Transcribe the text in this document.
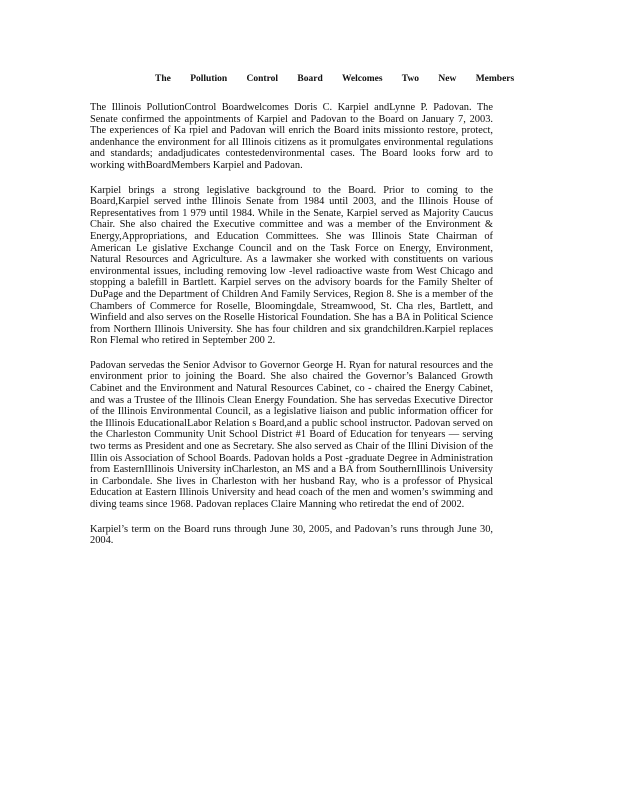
The Pollution Control Board Welcomes Two New Members

The Illinois PollutionControl Boardwelcomes Doris C. Karpiel andLynne P. Padovan. The Senate confirmed the appointments of Karpiel and Padovan to the Board on January 7, 2003. The experiences of Ka rpiel and Padovan will enrich the Board inits missionto restore, protect, andenhance the environment for all Illinois citizens as it promulgates environmental regulations and standards; andadjudicates contestedenvironmental cases. The Board looks forw ard to working withBoardMembers Karpiel and Padovan.

Karpiel brings a strong legislative background to the Board. Prior to coming to the Board,Karpiel served inthe Illinois Senate from 1984 until 2003, and the Illinois House of Representatives from 1 979 until 1984. While in the Senate, Karpiel served as Majority Caucus Chair. She also chaired the Executive committee and was a member of the Environment & Energy,Appropriations, and Education Committees. She was Illinois State Chairman of American Le gislative Exchange Council and on the Task Force on Energy, Environment, Natural Resources and Agriculture. As a lawmaker she worked with constituents on various environmental issues, including removing low -level radioactive waste from West Chicago and stopping a balefill in Bartlett. Karpiel serves on the advisory boards for the Family Shelter of DuPage and the Department of Children And Family Services, Region 8. She is a member of the Chambers of Commerce for Roselle, Bloomingdale, Streamwood, St. Cha rles, Bartlett, and Winfield and also serves on the Roselle Historical Foundation. She has a BA in Political Science from Northern Illinois University. She has four children and six grandchildren.Karpiel replaces Ron Flemal who retired in September 200 2.

Padovan servedas the Senior Advisor to Governor George H. Ryan for natural resources and the environment prior to joining the Board. She also chaired the Governor’s Balanced Growth Cabinet and the Environment and Natural Resources Cabinet, co - chaired the Energy Cabinet, and was a Trustee of the Illinois Clean Energy Foundation. She has servedas Executive Director of the Illinois Environmental Council, as a legislative liaison and public information officer for the Illinois EducationalLabor Relation s Board,and a public school instructor. Padovan served on the Charleston Community Unit School District #1 Board of Education for tenyears — serving two terms as President and one as Secretary. She also served as Chair of the Illini Division of the Illin ois Association of School Boards. Padovan holds a Post -graduate Degree in Administration from EasternIllinois University inCharleston, an MS and a BA from SouthernIllinois University in Carbondale. She lives in Charleston with her husband Ray, who is a professor of Physical Education at Eastern Illinois University and head coach of the men and women’s swimming and diving teams since 1968. Padovan replaces Claire Manning who retiredat the end of 2002.

Karpiel’s term on the Board runs through June 30, 2005, and Padovan’s runs through June 30, 2004.
